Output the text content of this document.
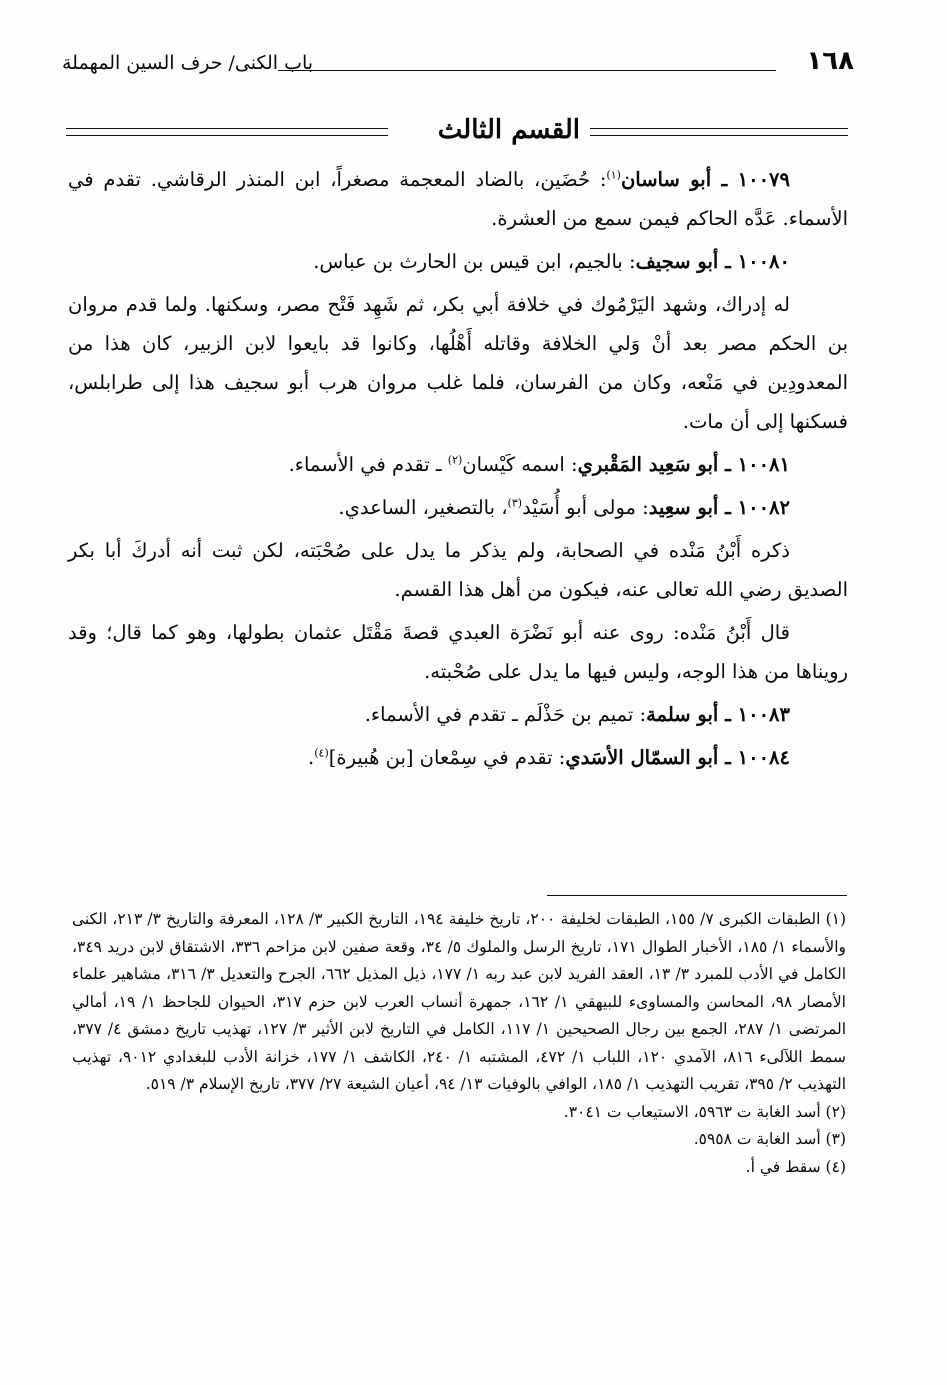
١٦٨
باب الكنى/ حرف السين المهملة
القسم الثالث

١٠٠٧٩ ـ أبو ساسان$^{(١)}$: حُضَين، بالضاد المعجمة مصغراً، ابن المنذر الرقاشي. تقدم في الأسماء. عَدَّه الحاكم فيمن سمع من العشرة.

١٠٠٨٠ ـ أبو سجيف: بالجيم، ابن قيس بن الحارث بن عباس.

له إدراك، وشهد اليَرْمُوك في خلافة أبي بكر، ثم شَهِد فَتْح مصر، وسكنها. ولما قدم مروان بن الحكم مصر بعد أنْ وَلي الخلافة وقاتله أَهْلُها، وكانوا قد بايعوا لابن الزبير، كان هذا من المعدودِين في مَنْعه، وكان من الفرسان، فلما غلب مروان هرب أبو سجيف هذا إلى طرابلس، فسكنها إلى أن مات.

١٠٠٨١ ـ أبو سَعِيد المَقْبري: اسمه كَيْسان$^{(٢)}$ ـ تقدم في الأسماء.

١٠٠٨٢ ـ أبو سعِيد: مولى أبو أُسَيْد$^{(٣)}$، بالتصغير، الساعدي.

ذكره أَبْنُ مَنْده في الصحابة، ولم يذكر ما يدل على صُحْبَته، لكن ثبت أنه أدركَ أبا بكر الصديق رضي الله تعالى عنه، فيكون من أهل هذا القسم.

قال أَبْنُ مَنْده: روى عنه أبو نَضْرَة العبدي قصةَ مَقْتَل عثمان بطولها، وهو كما قال؛ وقد رويناها من هذا الوجه، وليس فيها ما يدل على صُحْبته.

١٠٠٨٣ ـ أبو سلمة: تميم بن حَذْلَم ـ تقدم في الأسماء.

١٠٠٨٤ ـ أبو السمّال الأسَدي: تقدم في سِمْعان [بن هُبيرة]$^{(٤)}$.

(١) الطبقات الكبرى ٧/ ١٥٥، الطبقات لخليفة ٢٠٠، تاريخ خليفة ١٩٤، التاريخ الكبير ٣/ ١٢٨، المعرفة والتاريخ ٣/ ٢١٣، الكنى والأسماء ١/ ١٨٥، الأخبار الطوال ١٧١، تاريخ الرسل والملوك ٥/ ٣٤، وقعة صفين لابن مزاحم ٣٣٦، الاشتقاق لابن دريد ٣٤٩، الكامل في الأدب للمبرد ٣/ ١٣، العقد الفريد لابن عبد ربه ١/ ١٧٧، ذيل المذيل ٦٦٢، الجرح والتعديل ٣/ ٣١٦، مشاهير علماء الأمصار ٩٨، المحاسن والمساوىء للبيهقي ١/ ١٦٢، جمهرة أنساب العرب لابن حزم ٣١٧، الحيوان للجاحظ ١/ ١٩، أمالي المرتضى ١/ ٢٨٧، الجمع بين رجال الصحيحين ١/ ١١٧، الكامل في التاريخ لابن الأثير ٣/ ١٢٧، تهذيب تاريخ دمشق ٤/ ٣٧٧، سمط اللآلىء ٨١٦، الآمدي ١٢٠، اللباب ١/ ٤٧٢، المشتبه ١/ ٢٤٠، الكاشف ١/ ١٧٧، خزانة الأدب للبغدادي ٩٠١٢، تهذيب التهذيب ٢/ ٣٩٥، تقريب التهذيب ١/ ١٨٥، الوافي بالوفيات ١٣/ ٩٤، أعيان الشيعة ٢٧/ ٣٧٧، تاريخ الإسلام ٣/ ٥١٩.

(٢) أسد الغابة ت ٥٩٦٣، الاستيعاب ت ٣٠٤١.

(٣) أسد الغابة ت ٥٩٥٨.

(٤) سقط في أ.
